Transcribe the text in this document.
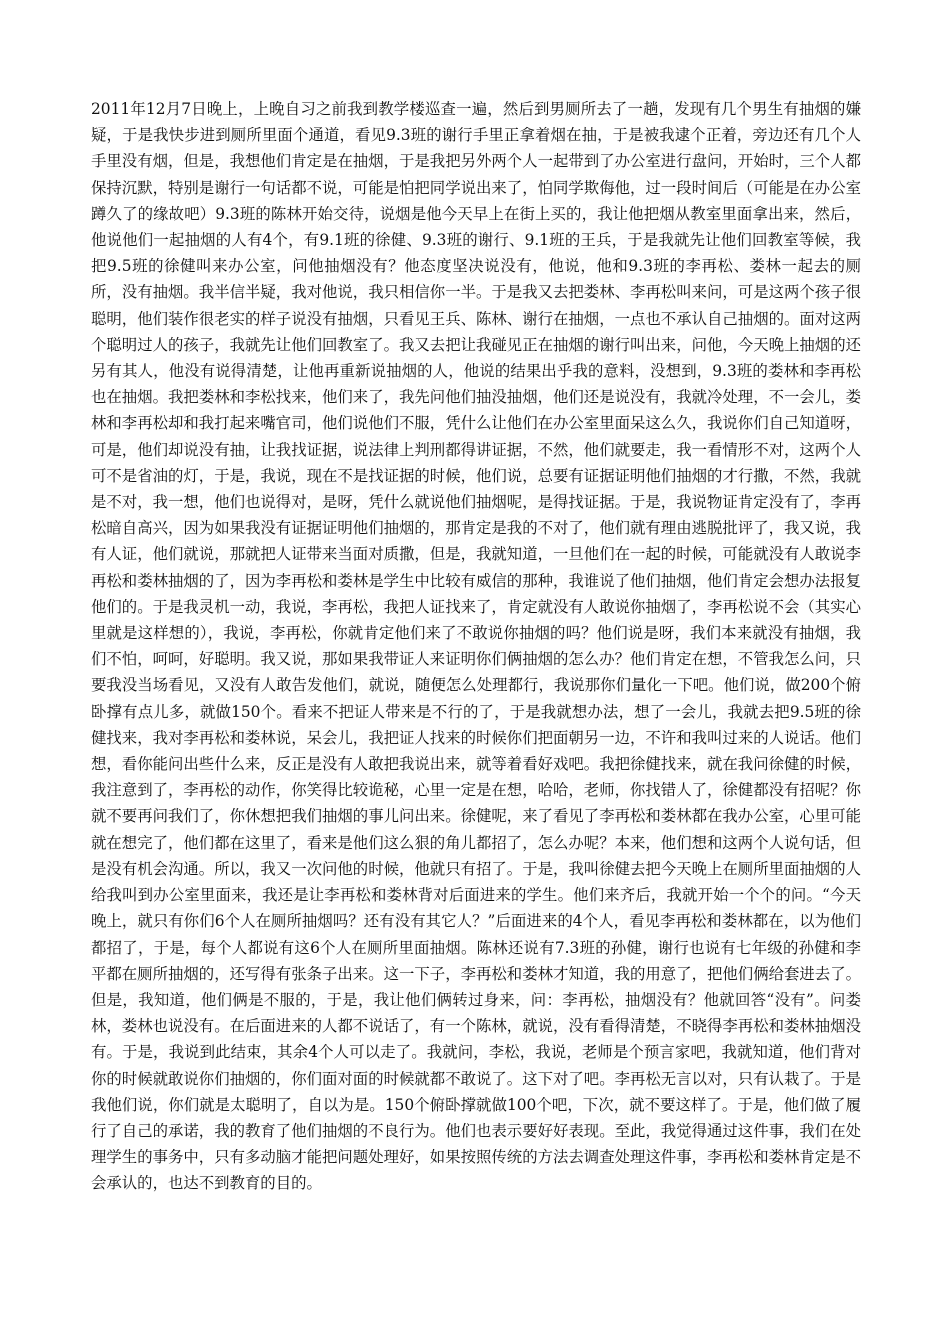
2011年12月7日晚上，上晚自习之前我到教学楼巡查一遍，然后到男厕所去了一趟，发现有几个男生有抽烟的嫌疑，于是我快步进到厕所里面个通道，看见9.3班的谢行手里正拿着烟在抽，于是被我逮个正着，旁边还有几个人手里没有烟，但是，我想他们肯定是在抽烟，于是我把另外两个人一起带到了办公室进行盘问，开始时，三个人都保持沉默，特别是谢行一句话都不说，可能是怕把同学说出来了，怕同学欺侮他，过一段时间后（可能是在办公室蹲久了的缘故吧）9.3班的陈林开始交待，说烟是他今天早上在街上买的，我让他把烟从教室里面拿出来，然后，他说他们一起抽烟的人有4个，有9.1班的徐健、9.3班的谢行、9.1班的王兵，于是我就先让他们回教室等候，我把9.5班的徐健叫来办公室，问他抽烟没有？他态度坚决说没有，他说，他和9.3班的李再松、娄林一起去的厕所，没有抽烟。我半信半疑，我对他说，我只相信你一半。于是我又去把娄林、李再松叫来问，可是这两个孩子很聪明，他们装作很老实的样子说没有抽烟，只看见王兵、陈林、谢行在抽烟，一点也不承认自己抽烟的。面对这两个聪明过人的孩子，我就先让他们回教室了。我又去把让我碰见正在抽烟的谢行叫出来，问他，今天晚上抽烟的还另有其人，他没有说得清楚，让他再重新说抽烟的人，他说的结果出乎我的意料，没想到，9.3班的娄林和李再松也在抽烟。我把娄林和李松找来，他们来了，我先问他们抽没抽烟，他们还是说没有，我就冷处理，不一会儿，娄林和李再松却和我打起来嘴官司，他们说他们不服，凭什么让他们在办公室里面呆这么久，我说你们自己知道呀，可是，他们却说没有抽，让我找证据，说法律上判刑都得讲证据，不然，他们就要走，我一看情形不对，这两个人可不是省油的灯，于是，我说，现在不是找证据的时候，他们说，总要有证据证明他们抽烟的才行撒，不然，我就是不对，我一想，他们也说得对，是呀，凭什么就说他们抽烟呢，是得找证据。于是，我说物证肯定没有了，李再松暗自高兴，因为如果我没有证据证明他们抽烟的，那肯定是我的不对了，他们就有理由逃脱批评了，我又说，我有人证，他们就说，那就把人证带来当面对质撒，但是，我就知道，一旦他们在一起的时候，可能就没有人敢说李再松和娄林抽烟的了，因为李再松和娄林是学生中比较有威信的那种，我谁说了他们抽烟，他们肯定会想办法报复他们的。于是我灵机一动，我说，李再松，我把人证找来了，肯定就没有人敢说你抽烟了，李再松说不会（其实心里就是这样想的），我说，李再松，你就肯定他们来了不敢说你抽烟的吗？他们说是呀，我们本来就没有抽烟，我们不怕，呵呵，好聪明。我又说，那如果我带证人来证明你们俩抽烟的怎么办？他们肯定在想，不管我怎么问，只要我没当场看见，又没有人敢告发他们，就说，随便怎么处理都行，我说那你们量化一下吧。他们说，做200个俯卧撑有点儿多，就做150个。看来不把证人带来是不行的了，于是我就想办法，想了一会儿，我就去把9.5班的徐健找来，我对李再松和娄林说，呆会儿，我把证人找来的时候你们把面朝另一边，不许和我叫过来的人说话。他们想，看你能问出些什么来，反正是没有人敢把我说出来，就等着看好戏吧。我把徐健找来，就在我问徐健的时候，我注意到了，李再松的动作，你笑得比较诡秘，心里一定是在想，哈哈，老师，你找错人了，徐健都没有招呢？你就不要再问我们了，你休想把我们抽烟的事儿问出来。徐健呢，来了看见了李再松和娄林都在我办公室，心里可能就在想完了，他们都在这里了，看来是他们这么狠的角儿都招了，怎么办呢？本来，他们想和这两个人说句话，但是没有机会沟通。所以，我又一次问他的时候，他就只有招了。于是，我叫徐健去把今天晚上在厕所里面抽烟的人给我叫到办公室里面来，我还是让李再松和娄林背对后面进来的学生。他们来齐后，我就开始一个个的问。“今天晚上，就只有你们6个人在厕所抽烟吗？还有没有其它人？”后面进来的4个人，看见李再松和娄林都在，以为他们都招了，于是，每个人都说有这6个人在厕所里面抽烟。陈林还说有7.3班的孙健，谢行也说有七年级的孙健和李平都在厕所抽烟的，还写得有张条子出来。这一下子，李再松和娄林才知道，我的用意了，把他们俩给套进去了。但是，我知道，他们俩是不服的，于是，我让他们俩转过身来，问：李再松，抽烟没有？他就回答“没有”。问娄林，娄林也说没有。在后面进来的人都不说话了，有一个陈林，就说，没有看得清楚，不晓得李再松和娄林抽烟没有。于是，我说到此结束，其余4个人可以走了。我就问，李松，我说，老师是个预言家吧，我就知道，他们背对你的时候就敢说你们抽烟的，你们面对面的时候就都不敢说了。这下对了吧。李再松无言以对，只有认栽了。于是我他们说，你们就是太聪明了，自以为是。150个俯卧撑就做100个吧，下次，就不要这样了。于是，他们做了履行了自己的承诺，我的教育了他们抽烟的不良行为。他们也表示要好好表现。至此，我觉得通过这件事，我们在处理学生的事务中，只有多动脑才能把问题处理好，如果按照传统的方法去调查处理这件事，李再松和娄林肯定是不会承认的，也达不到教育的目的。
